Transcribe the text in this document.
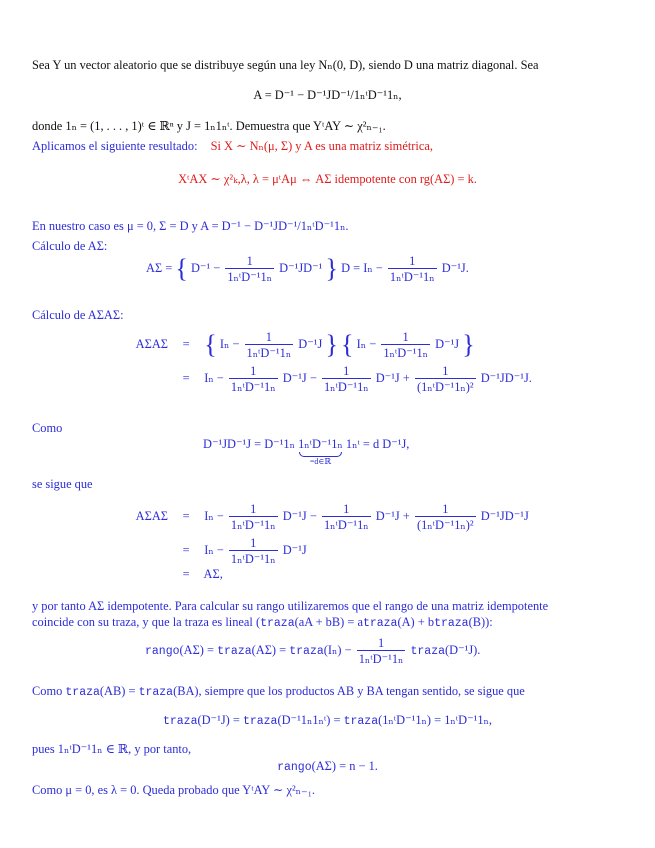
Sea Y un vector aleatorio que se distribuye según una ley Nₙ(0, D), siendo D una matriz diagonal. Sea
A = D⁻¹ − D⁻¹JD⁻¹/1ₙᵗD⁻¹1ₙ,
donde 1ₙ = (1, . . . , 1)ᵗ ∈ ℝⁿ y J = 1ₙ1ₙᵗ. Demuestra que YᵗAY ∼ χ²ₙ₋₁.
Aplicamos el siguiente resultado: Si X ∼ Nₙ(μ, Σ) y A es una matriz simétrica,
XᵗAX ∼ χ²ₖ,λ, λ = μᵗAμ ⇔ AΣ idempotente con rg(AΣ) = k.
En nuestro caso es μ = 0, Σ = D y A = D⁻¹ − D⁻¹JD⁻¹/1ₙᵗD⁻¹1ₙ.
Cálculo de AΣ:
AΣ = { $D^{-1} - \frac{1}{\text{1ₙᵗD⁻¹1ₙ}} D^{-1}JD^{-1}$ } $D = I_n - \frac{1}{\text{1ₙᵗD⁻¹1ₙ}} D^{-1}J$.
Cálculo de AΣAΣ:
AΣAΣ = { $I_n - \frac{1}{\text{1ₙᵗD⁻¹1ₙ}} D^{-1}J$ } { $I_n - \frac{1}{\text{1ₙᵗD⁻¹1ₙ}} D^{-1}J$ }
= $I_n - \frac{1}{\text{1ₙᵗD⁻¹1ₙ}} D^{-1}J - \frac{1}{\text{1ₙᵗD⁻¹1ₙ}} D^{-1}J + \frac{1}{\text{(1ₙᵗD⁻¹1ₙ)²}} D^{-1}JD^{-1}J$.
Como
D⁻¹JD⁻¹J = D⁻¹1ₙ 1ₙᵗD⁻¹1ₙ
=d∈ℝ
1ₙᵗ = d D⁻¹J,
se sigue que
$A\Sigma A\Sigma = I_n - \frac{1}{\text{1ₙᵗD⁻¹1ₙ}} D^{-1}J - \frac{1}{\text{1ₙᵗD⁻¹1ₙ}} D^{-1}J + \frac{1}{\text{(1ₙᵗD⁻¹1ₙ)²}} D^{-1}JD^{-1}J$
= $I_n - \frac{1}{\text{1ₙᵗD⁻¹1ₙ}} D^{-1}J$
= AΣ,
y por tanto AΣ idempotente. Para calcular su rango utilizaremos que el rango de una matriz idempotente
coincide con su traza, y que la traza es lineal (traza(aA + bB) = atraza(A) + btraza(B)):
rango(AΣ) = traza(AΣ) = traza(Iₙ) − $\frac{1}{\text{1ₙᵗD⁻¹1ₙ}}$ traza(D⁻¹J).
Como traza(AB) = traza(BA), siempre que los productos AB y BA tengan sentido, se sigue que
traza(D⁻¹J) = traza(D⁻¹1ₙ1ₙᵗ) = traza(1ₙᵗD⁻¹1ₙ) = 1ₙᵗD⁻¹1ₙ,
pues 1ₙᵗD⁻¹1ₙ ∈ ℝ, y por tanto,
rango(AΣ) = n − 1.
Como μ = 0, es λ = 0. Queda probado que YᵗAY ∼ χ²ₙ₋₁.
